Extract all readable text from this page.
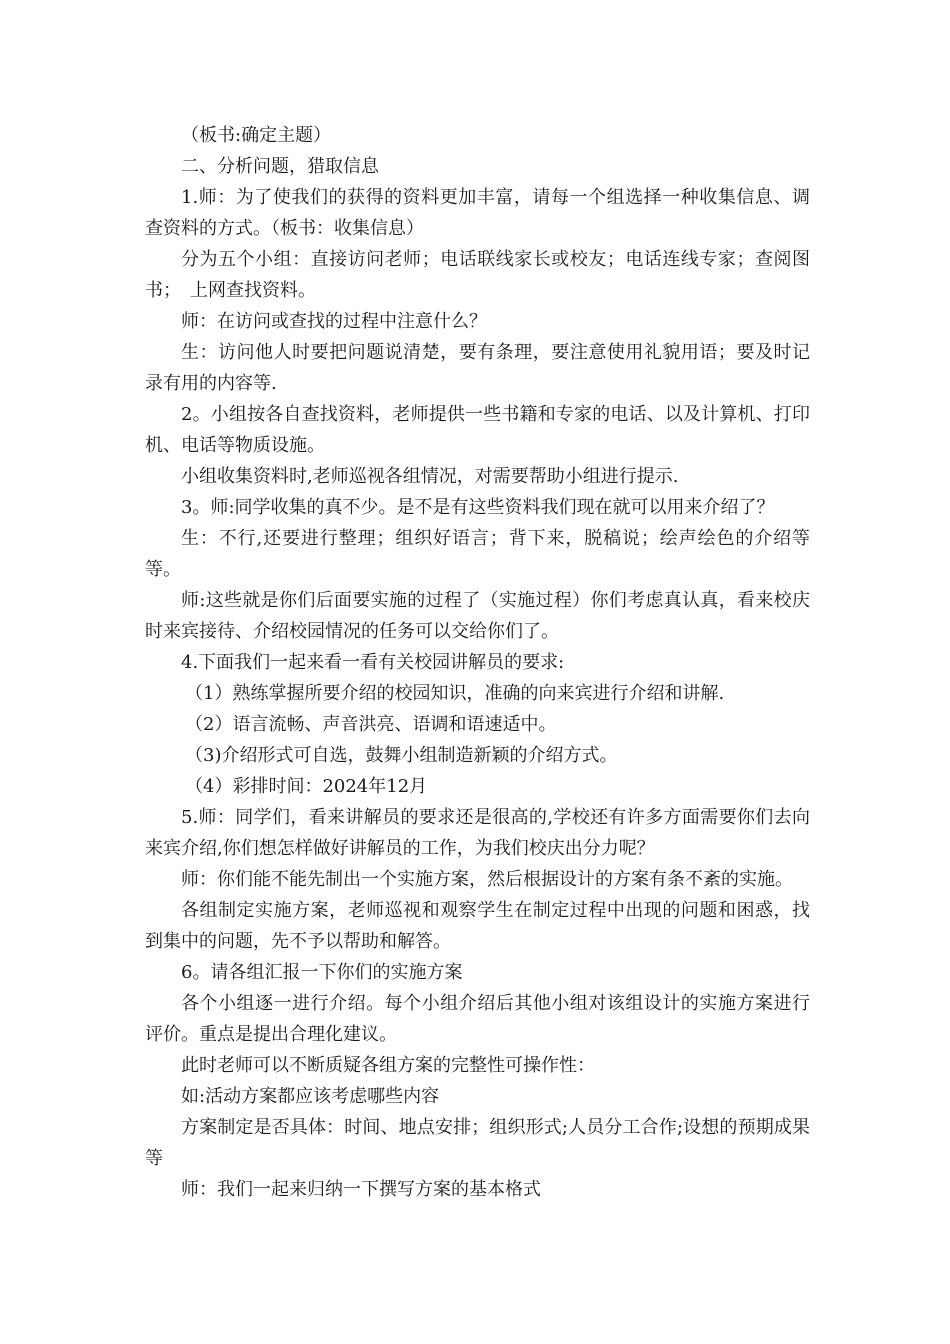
（板书:确定主题）

二、分析问题，猎取信息

1.师：为了使我们的获得的资料更加丰富，请每一个组选择一种收集信息、调查资料的方式。（板书：收集信息）

分为五个小组：直接访问老师；电话联线家长或校友；电话连线专家；查阅图书；　上网查找资料。

师：在访问或查找的过程中注意什么？

生：访问他人时要把问题说清楚，要有条理，要注意使用礼貌用语；要及时记录有用的内容等.

2。小组按各自查找资料，老师提供一些书籍和专家的电话、以及计算机、打印机、电话等物质设施。

小组收集资料时,老师巡视各组情况，对需要帮助小组进行提示.

3。师:同学收集的真不少。是不是有这些资料我们现在就可以用来介绍了？

生：不行,还要进行整理；组织好语言；背下来，脱稿说；绘声绘色的介绍等等。

师:这些就是你们后面要实施的过程了（实施过程）你们考虑真认真，看来校庆时来宾接待、介绍校园情况的任务可以交给你们了。

4.下面我们一起来看一看有关校园讲解员的要求:

（1）熟练掌握所要介绍的校园知识，准确的向来宾进行介绍和讲解.

（2）语言流畅、声音洪亮、语调和语速适中。

（3)介绍形式可自选，鼓舞小组制造新颖的介绍方式。

（4）彩排时间：2024年12月

5.师：同学们，看来讲解员的要求还是很高的,学校还有许多方面需要你们去向来宾介绍,你们想怎样做好讲解员的工作，为我们校庆出分力呢？

师：你们能不能先制出一个实施方案，然后根据设计的方案有条不紊的实施。

各组制定实施方案，老师巡视和观察学生在制定过程中出现的问题和困惑，找到集中的问题，先不予以帮助和解答。

6。请各组汇报一下你们的实施方案

各个小组逐一进行介绍。每个小组介绍后其他小组对该组设计的实施方案进行评价。重点是提出合理化建议。

此时老师可以不断质疑各组方案的完整性可操作性：

如:活动方案都应该考虑哪些内容

方案制定是否具体：时间、地点安排；组织形式;人员分工合作;设想的预期成果等

师：我们一起来归纳一下撰写方案的基本格式
